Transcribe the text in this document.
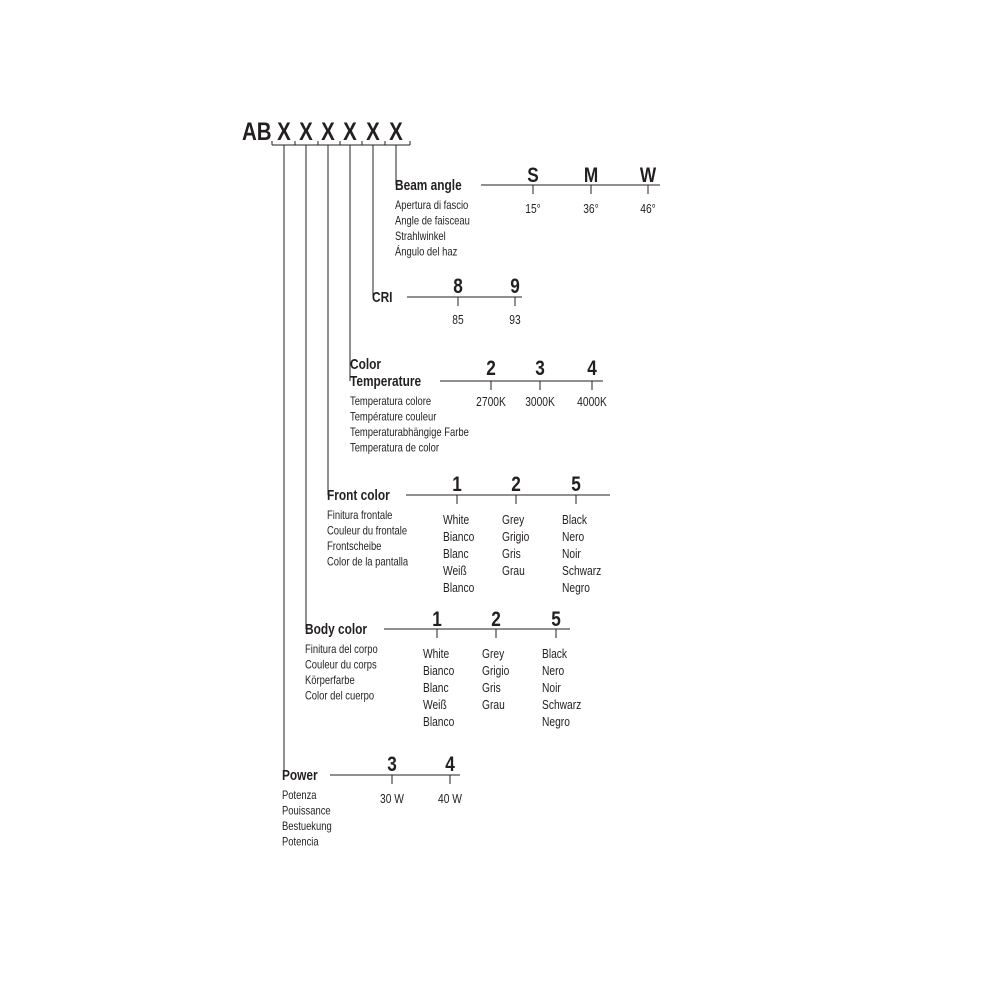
AB X X X X X X
Beam angle
Apertura di fascio
Angle de faisceau
Strahlwinkel
Ángulo del haz
S
15°
M
36°
W
46°
CRI	8
85
9
93
Color
Temperature
Temperatura colore
Température couleur
Temperaturabhängige Farbe
Temperatura de color
2
2700K
3
3000K
4
4000K
Front color
Finitura frontale
Couleur du frontale
Frontscheibe
Color de la pantalla
1
White
Bianco
Blanc
Weiß
Blanco
2
Grey
Grigio
Gris
Grau
5
Black
Nero
Noir
Schwarz
Negro
Body color
Finitura del corpo
Couleur du corps
Körperfarbe
Color del cuerpo
1
White
Bianco
Blanc
Weiß
Blanco
2
Grey
Grigio
Gris
Grau
5
Black
Nero
Noir
Schwarz
Negro
Power
Potenza
Pouissance
Bestuekung
Potencia
3
30 W
4
40 W
